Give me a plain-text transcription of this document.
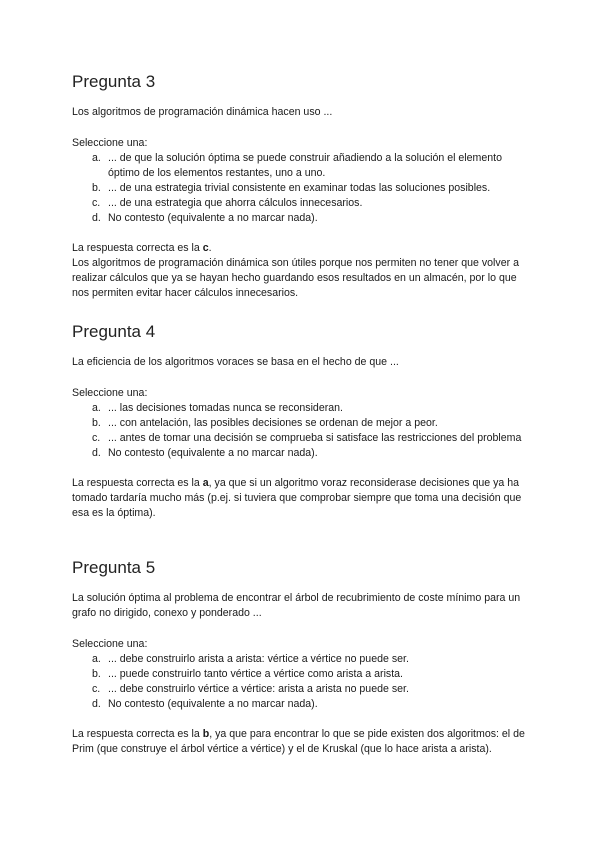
Pregunta 3

Los algoritmos de programación dinámica hacen uso ...

Seleccione una:

a. ... de que la solución óptima se puede construir añadiendo a la solución el elemento óptimo de los elementos restantes, uno a uno.
b. ... de una estrategia trivial consistente en examinar todas las soluciones posibles.
c. ... de una estrategia que ahorra cálculos innecesarios.
d. No contesto (equivalente a no marcar nada).

La respuesta correcta es la c.

Los algoritmos de programación dinámica son útiles porque nos permiten no tener que volver a realizar cálculos que ya se hayan hecho guardando esos resultados en un almacén, por lo que nos permiten evitar hacer cálculos innecesarios.

Pregunta 4

La eficiencia de los algoritmos voraces se basa en el hecho de que ...

Seleccione una:

a. ... las decisiones tomadas nunca se reconsideran.
b. ... con antelación, las posibles decisiones se ordenan de mejor a peor.
c. ... antes de tomar una decisión se comprueba si satisface las restricciones del problema
d. No contesto (equivalente a no marcar nada).

La respuesta correcta es la a, ya que si un algoritmo voraz reconsiderase decisiones que ya ha tomado tardaría mucho más (p.ej. si tuviera que comprobar siempre que toma una decisión que esa es la óptima).

Pregunta 5

La solución óptima al problema de encontrar el árbol de recubrimiento de coste mínimo para un grafo no dirigido, conexo y ponderado ...

Seleccione una:

a. ... debe construirlo arista a arista: vértice a vértice no puede ser.
b. ... puede construirlo tanto vértice a vértice como arista a arista.
c. ... debe construirlo vértice a vértice: arista a arista no puede ser.
d. No contesto (equivalente a no marcar nada).

La respuesta correcta es la b, ya que para encontrar lo que se pide existen dos algoritmos: el de Prim (que construye el árbol vértice a vértice) y el de Kruskal (que lo hace arista a arista).
